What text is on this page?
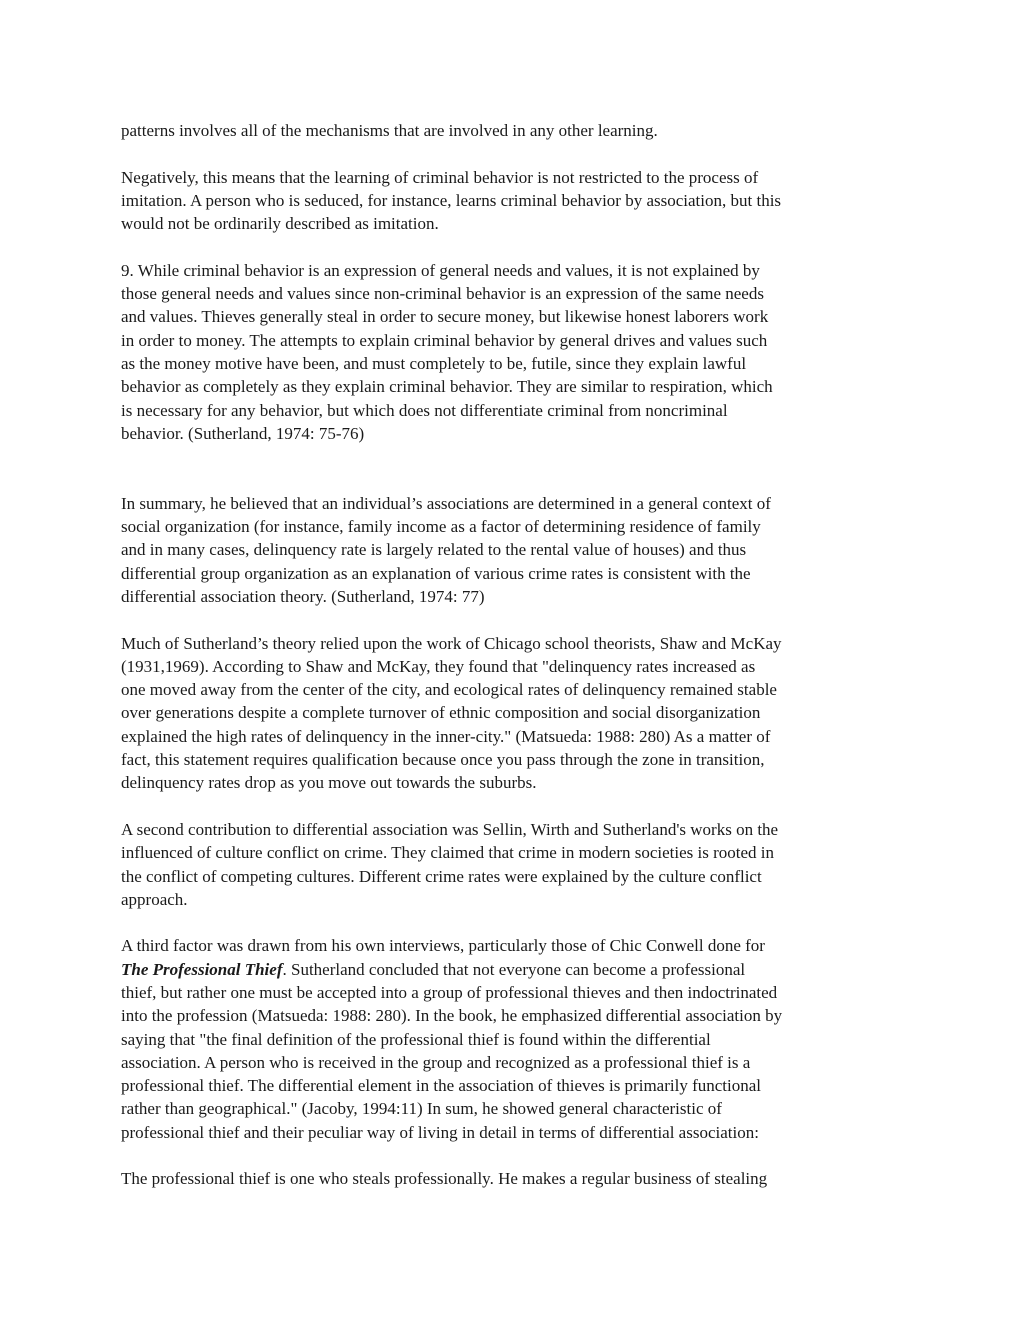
patterns involves all of the mechanisms that are involved in any other learning.
Negatively, this means that the learning of criminal behavior is not restricted to the process of
imitation. A person who is seduced, for instance, learns criminal behavior by association, but this
would not be ordinarily described as imitation.
9. While criminal behavior is an expression of general needs and values, it is not explained by
those general needs and values since non-criminal behavior is an expression of the same needs
and values. Thieves generally steal in order to secure money, but likewise honest laborers work
in order to money. The attempts to explain criminal behavior by general drives and values such
as the money motive have been, and must completely to be, futile, since they explain lawful
behavior as completely as they explain criminal behavior. They are similar to respiration, which
is necessary for any behavior, but which does not differentiate criminal from noncriminal
behavior. (Sutherland, 1974: 75-76)
In summary, he believed that an individual’s associations are determined in a general context of
social organization (for instance, family income as a factor of determining residence of family
and in many cases, delinquency rate is largely related to the rental value of houses) and thus
differential group organization as an explanation of various crime rates is consistent with the
differential association theory. (Sutherland, 1974: 77)
Much of Sutherland’s theory relied upon the work of Chicago school theorists, Shaw and McKay
(1931,1969). According to Shaw and McKay, they found that "delinquency rates increased as
one moved away from the center of the city, and ecological rates of delinquency remained stable
over generations despite a complete turnover of ethnic composition and social disorganization
explained the high rates of delinquency in the inner-city." (Matsueda: 1988: 280) As a matter of
fact, this statement requires qualification because once you pass through the zone in transition,
delinquency rates drop as you move out towards the suburbs.
A second contribution to differential association was Sellin, Wirth and Sutherland's works on the
influenced of culture conflict on crime. They claimed that crime in modern societies is rooted in
the conflict of competing cultures. Different crime rates were explained by the culture conflict
approach.
A third factor was drawn from his own interviews, particularly those of Chic Conwell done for
The Professional Thief. Sutherland concluded that not everyone can become a professional
thief, but rather one must be accepted into a group of professional thieves and then indoctrinated
into the profession (Matsueda: 1988: 280). In the book, he emphasized differential association by
saying that "the final definition of the professional thief is found within the differential
association. A person who is received in the group and recognized as a professional thief is a
professional thief. The differential element in the association of thieves is primarily functional
rather than geographical." (Jacoby, 1994:11) In sum, he showed general characteristic of
professional thief and their peculiar way of living in detail in terms of differential association:
The professional thief is one who steals professionally. He makes a regular business of stealing
